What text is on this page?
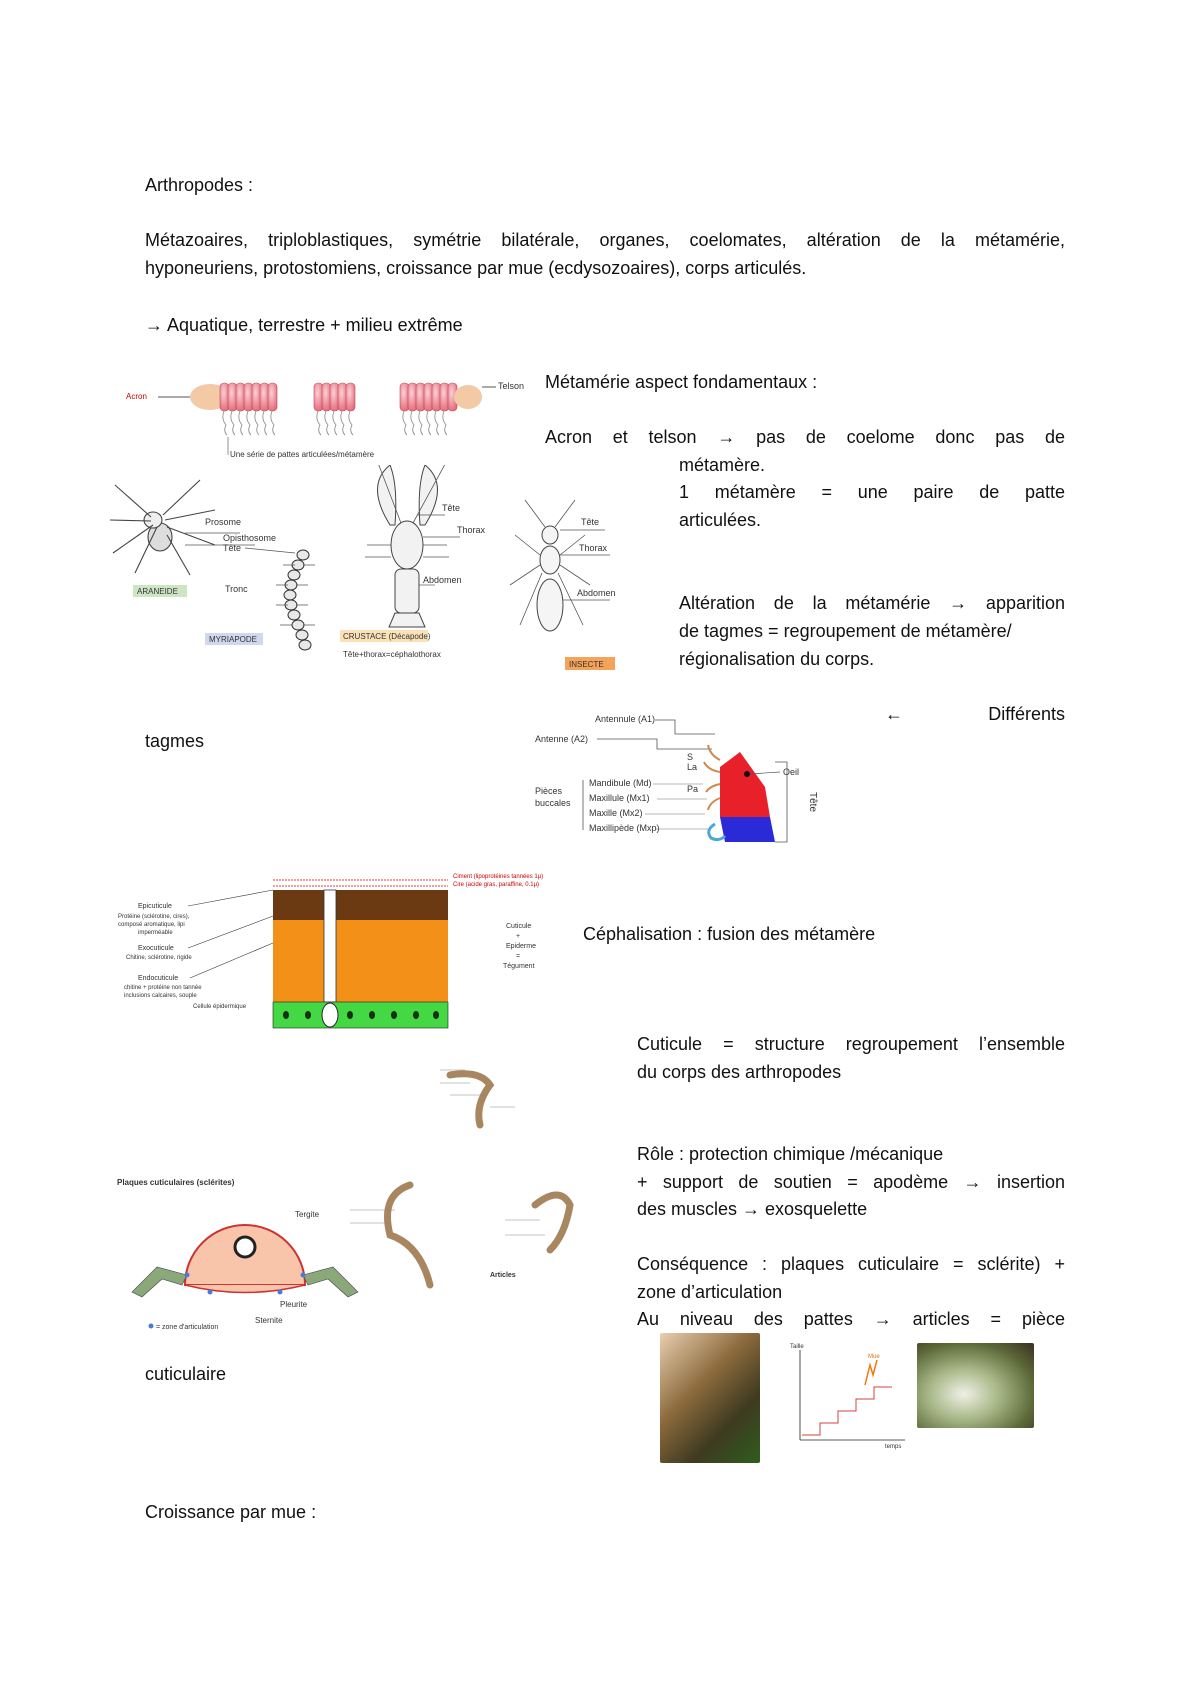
Arthropodes :
Métazoaires, triploblastiques, symétrie bilatérale, organes, coelomates, altération de la métamérie,
hyponeuriens, protostomiens, croissance par mue (ecdysozoaires), corps articulés.
→ Aquatique, terrestre + milieu extrême
Métamérie aspect fondamentaux :
Acron et telson → pas de coelome donc pas de
métamère.
1 métamère = une paire de patte
articulées.
Altération de la métamérie → apparition
de tagmes = regroupement de métamère/
régionalisation du corps.
← Différents
tagmes
Céphalisation : fusion des métamère
Cuticule = structure regroupement l’ensemble
du corps des arthropodes
Rôle : protection chimique /mécanique
+ support de soutien = apodème → insertion
des muscles → exosquelette
Conséquence : plaques cuticulaire = sclérite) +
zone d’articulation
Au niveau des pattes → articles = pièce
cuticulaire
Croissance par mue :
Acron
Telson
Une série de pattes articulées/métamère
Prosome
Opisthosome
ARANEIDE
Tête
Tronc
MYRIAPODE
Tête
Thorax
Abdomen
CRUSTACE (Décapode)
Tête+thorax=céphalothorax
Tête
Thorax
Abdomen
INSECTE
Antennule (A1)
Antenne (A2)
S
La
Pa
Pièces
buccales
Mandibule (Md)
Maxillule (Mx1)
Maxille (Mx2)
Maxillipède (Mxp)
Oeil
Tête
Ciment (lipoprotéines tannées 1µ)
Cire (acide gras, paraffine, 0.1µ)
Epicuticule
Protéine (sclérotine, cires),
composé aromatique, lipi
imperméable
Exocuticule
Chitine, sclérotine, rigide
Endocuticule
chitine + protéine non tannée
inclusions calcaires, souple
Cellule épidermique
Cuticule
+
Epiderme
=
Tégument
Plaques cuticulaires (sclérites)
Tergite
Pleurite
Sternite
= zone d'articulation
Articles
Taille
Mue
temps
